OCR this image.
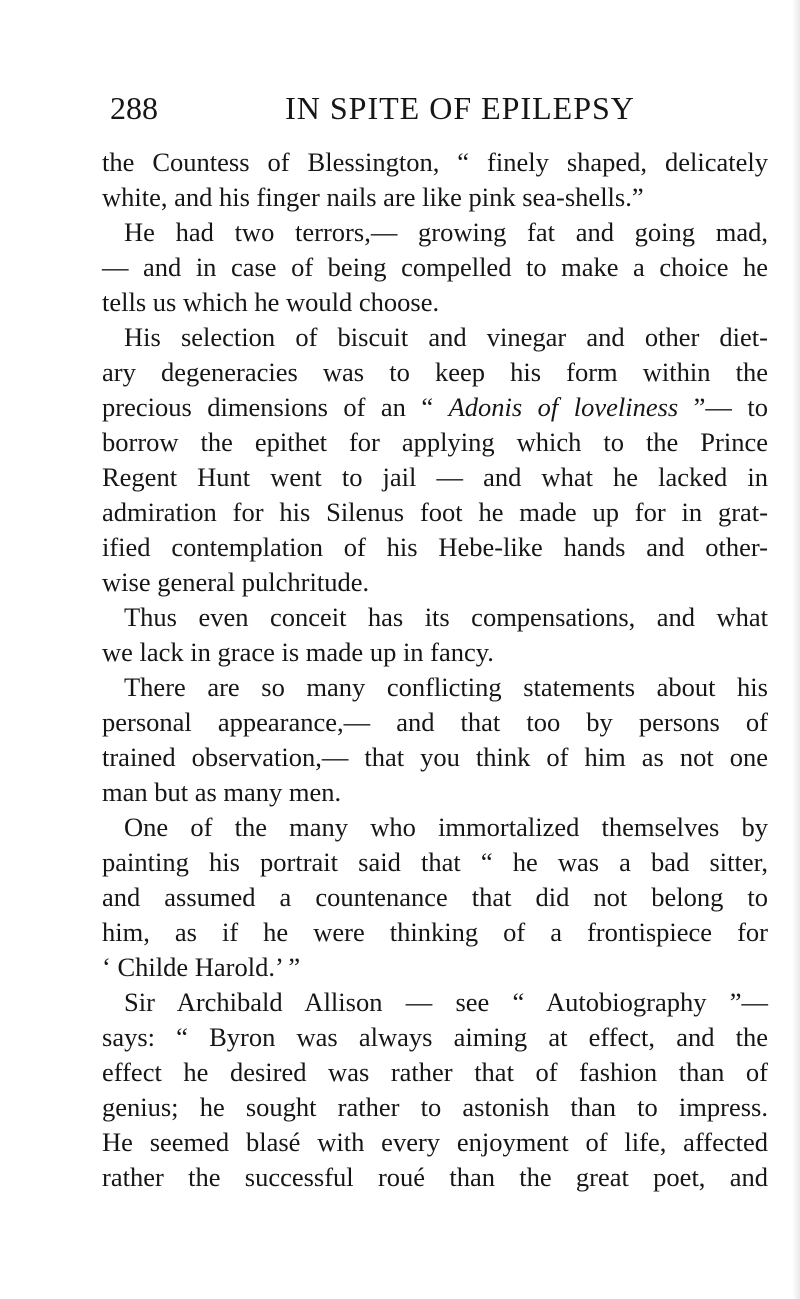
288	IN SPITE OF EPILEPSY
the Countess of Blessington, “ finely shaped, delicately
white, and his finger nails are like pink sea-shells.”
He had two terrors,— growing fat and going mad,
— and in case of being compelled to make a choice he
tells us which he would choose.
His selection of biscuit and vinegar and other diet-
ary degeneracies was to keep his form within the
precious dimensions of an “ Adonis of loveliness ”— to
borrow the epithet for applying which to the Prince
Regent Hunt went to jail — and what he lacked in
admiration for his Silenus foot he made up for in grat-
ified contemplation of his Hebe-like hands and other-
wise general pulchritude.
Thus even conceit has its compensations, and what
we lack in grace is made up in fancy.
There are so many conflicting statements about his
personal appearance,— and that too by persons of
trained observation,— that you think of him as not one
man but as many men.
One of the many who immortalized themselves by
painting his portrait said that “ he was a bad sitter,
and assumed a countenance that did not belong to
him, as if he were thinking of a frontispiece for
‘ Childe Harold.’ ”
Sir Archibald Allison — see “ Autobiography ”—
says: “ Byron was always aiming at effect, and the
effect he desired was rather that of fashion than of
genius; he sought rather to astonish than to impress.
He seemed blasé with every enjoyment of life, affected
rather the successful roué than the great poet, and
